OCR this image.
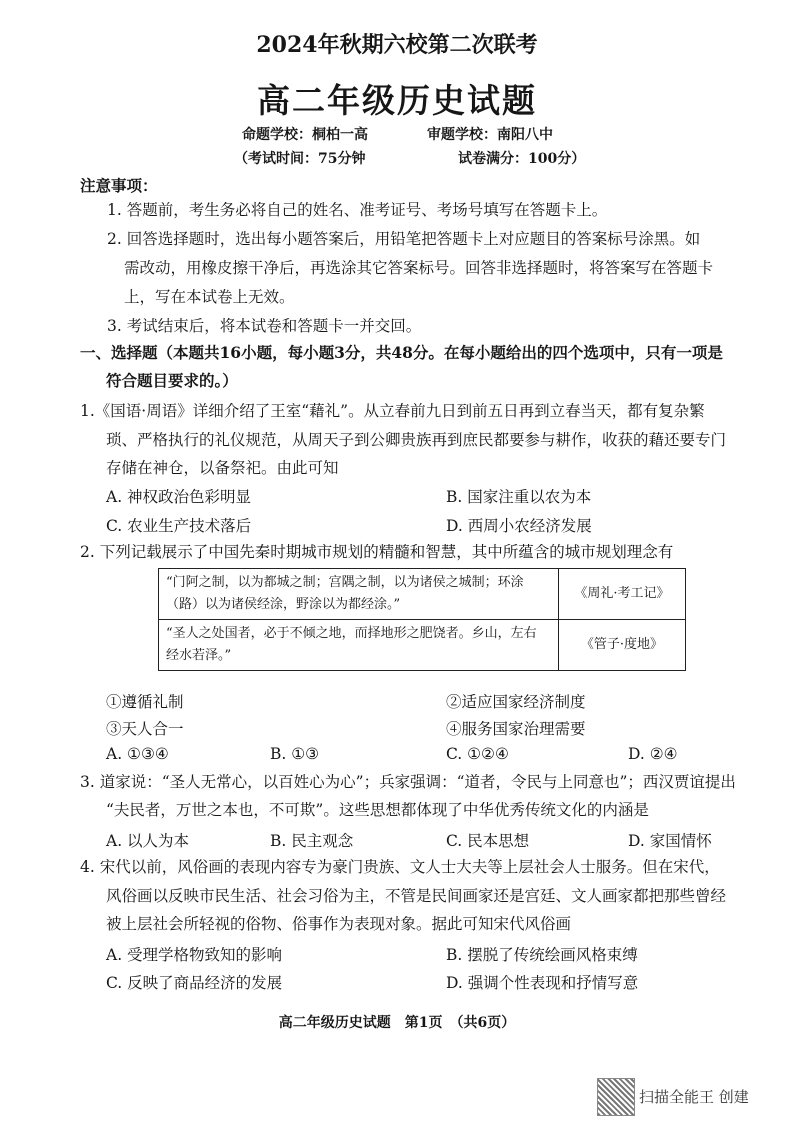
2024年秋期六校第二次联考
高二年级历史试题
命题学校：桐柏一高	审题学校：南阳八中
（考试时间：75分钟	试卷满分：100分）
注意事项：
1. 答题前，考生务必将自己的姓名、准考证号、考场号填写在答题卡上。
2. 回答选择题时，选出每小题答案后，用铅笔把答题卡上对应题目的答案标号涂黑。如
需改动，用橡皮擦干净后，再选涂其它答案标号。回答非选择题时，将答案写在答题卡
上，写在本试卷上无效。
3. 考试结束后，将本试卷和答题卡一并交回。
一、选择题（本题共16小题，每小题3分，共48分。在每小题给出的四个选项中，只有一项是
符合题目要求的。）
1.《国语·周语》详细介绍了王室“藉礼”。从立春前九日到前五日再到立春当天，都有复杂繁
琐、严格执行的礼仪规范，从周天子到公卿贵族再到庶民都要参与耕作，收获的藉还要专门
存储在神仓，以备祭祀。由此可知
A. 神权政治色彩明显	B. 国家注重以农为本
C. 农业生产技术落后	D. 西周小农经济发展
2. 下列记载展示了中国先秦时期城市规划的精髓和智慧，其中所蕴含的城市规划理念有
“门阿之制，以为都城之制；宫隅之制，以为诸侯之城制；环涂
（路）以为诸侯经涂，野涂以为都经涂。”	《周礼·考工记》

“圣人之处国者，必于不倾之地，而择地形之肥饶者。乡山，左右
经水若泽。”	《管子·度地》
①遵循礼制	②适应国家经济制度
③天人合一	④服务国家治理需要
A. ①③④	B. ①③	C. ①②④	D. ②④
3. 道家说：“圣人无常心，以百姓心为心”；兵家强调：“道者，令民与上同意也”；西汉贾谊提出
“夫民者，万世之本也，不可欺”。这些思想都体现了中华优秀传统文化的内涵是
A. 以人为本	B. 民主观念	C. 民本思想	D. 家国情怀
4. 宋代以前，风俗画的表现内容专为豪门贵族、文人士大夫等上层社会人士服务。但在宋代，
风俗画以反映市民生活、社会习俗为主，不管是民间画家还是宫廷、文人画家都把那些曾经
被上层社会所轻视的俗物、俗事作为表现对象。据此可知宋代风俗画
A. 受理学格物致知的影响	B. 摆脱了传统绘画风格束缚
C. 反映了商品经济的发展	D. 强调个性表现和抒情写意
高二年级历史试题　第1页　（共6页）
扫描全能王 创建
